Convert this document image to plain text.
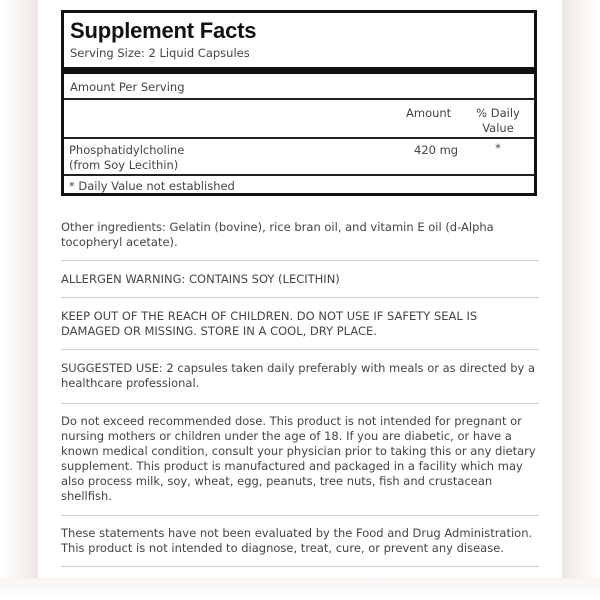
Supplement Facts
Serving Size: 2 Liquid Capsules
Amount Per Serving
Amount	% Daily Value
Phosphatidylcholine
(from Soy Lecithin)
420 mg	*
* Daily Value not established
Other ingredients: Gelatin (bovine), rice bran oil, and vitamin E oil (d-Alpha tocopheryl acetate).
ALLERGEN WARNING: CONTAINS SOY (LECITHIN)
KEEP OUT OF THE REACH OF CHILDREN. DO NOT USE IF SAFETY SEAL IS DAMAGED OR MISSING. STORE IN A COOL, DRY PLACE.
SUGGESTED USE: 2 capsules taken daily preferably with meals or as directed by a healthcare professional.
Do not exceed recommended dose. This product is not intended for pregnant or nursing mothers or children under the age of 18. If you are diabetic, or have a known medical condition, consult your physician prior to taking this or any dietary supplement. This product is manufactured and packaged in a facility which may also process milk, soy, wheat, egg, peanuts, tree nuts, fish and crustacean shellfish.
These statements have not been evaluated by the Food and Drug Administration. This product is not intended to diagnose, treat, cure, or prevent any disease.
